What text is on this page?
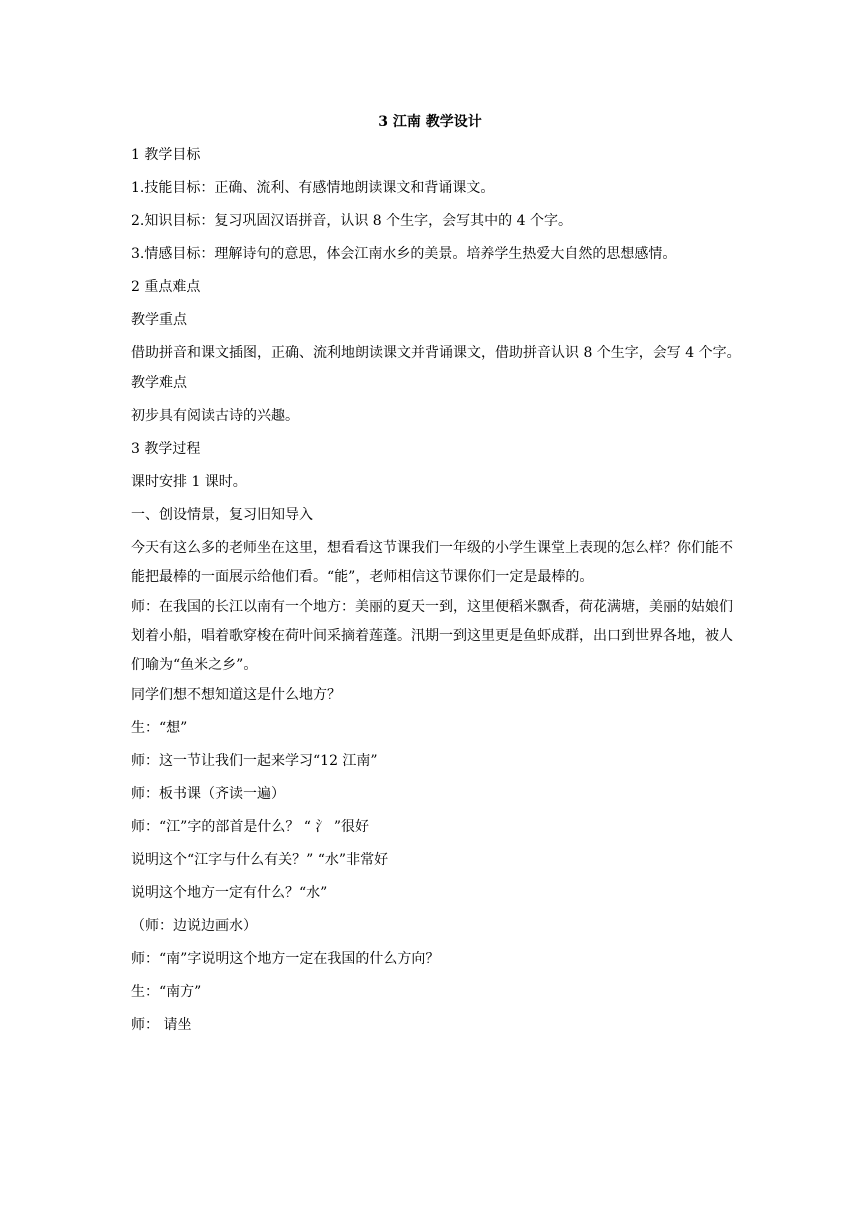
3 江南 教学设计

1 教学目标

1.技能目标：正确、流利、有感情地朗读课文和背诵课文。

2.知识目标：复习巩固汉语拼音，认识 8 个生字，会写其中的 4 个字。

3.情感目标：理解诗句的意思，体会江南水乡的美景。培养学生热爱大自然的思想感情。

2 重点难点

教学重点

借助拼音和课文插图，正确、流利地朗读课文并背诵课文，借助拼音认识 8 个生字，会写 4 个字。

教学难点

初步具有阅读古诗的兴趣。

3 教学过程

课时安排 1 课时。

一、创设情景，复习旧知导入

今天有这么多的老师坐在这里，想看看这节课我们一年级的小学生课堂上表现的怎么样？你们能不能把最棒的一面展示给他们看。“能”，老师相信这节课你们一定是最棒的。

师：在我国的长江以南有一个地方：美丽的夏天一到，这里便稻米飘香，荷花满塘，美丽的姑娘们划着小船，唱着歌穿梭在荷叶间采摘着莲蓬。汛期一到这里更是鱼虾成群，出口到世界各地，被人们喻为“鱼米之乡”。

同学们想不想知道这是什么地方？

生：“想”

师：这一节让我们一起来学习“12 江南”

师：板书课（齐读一遍）

师：“江”字的部首是什么？ “ 氵 ”很好

说明这个“江字与什么有关？” “水”非常好

说明这个地方一定有什么？“水”

（师：边说边画水）

师：“南”字说明这个地方一定在我国的什么方向？

生：“南方”

师： 请坐
